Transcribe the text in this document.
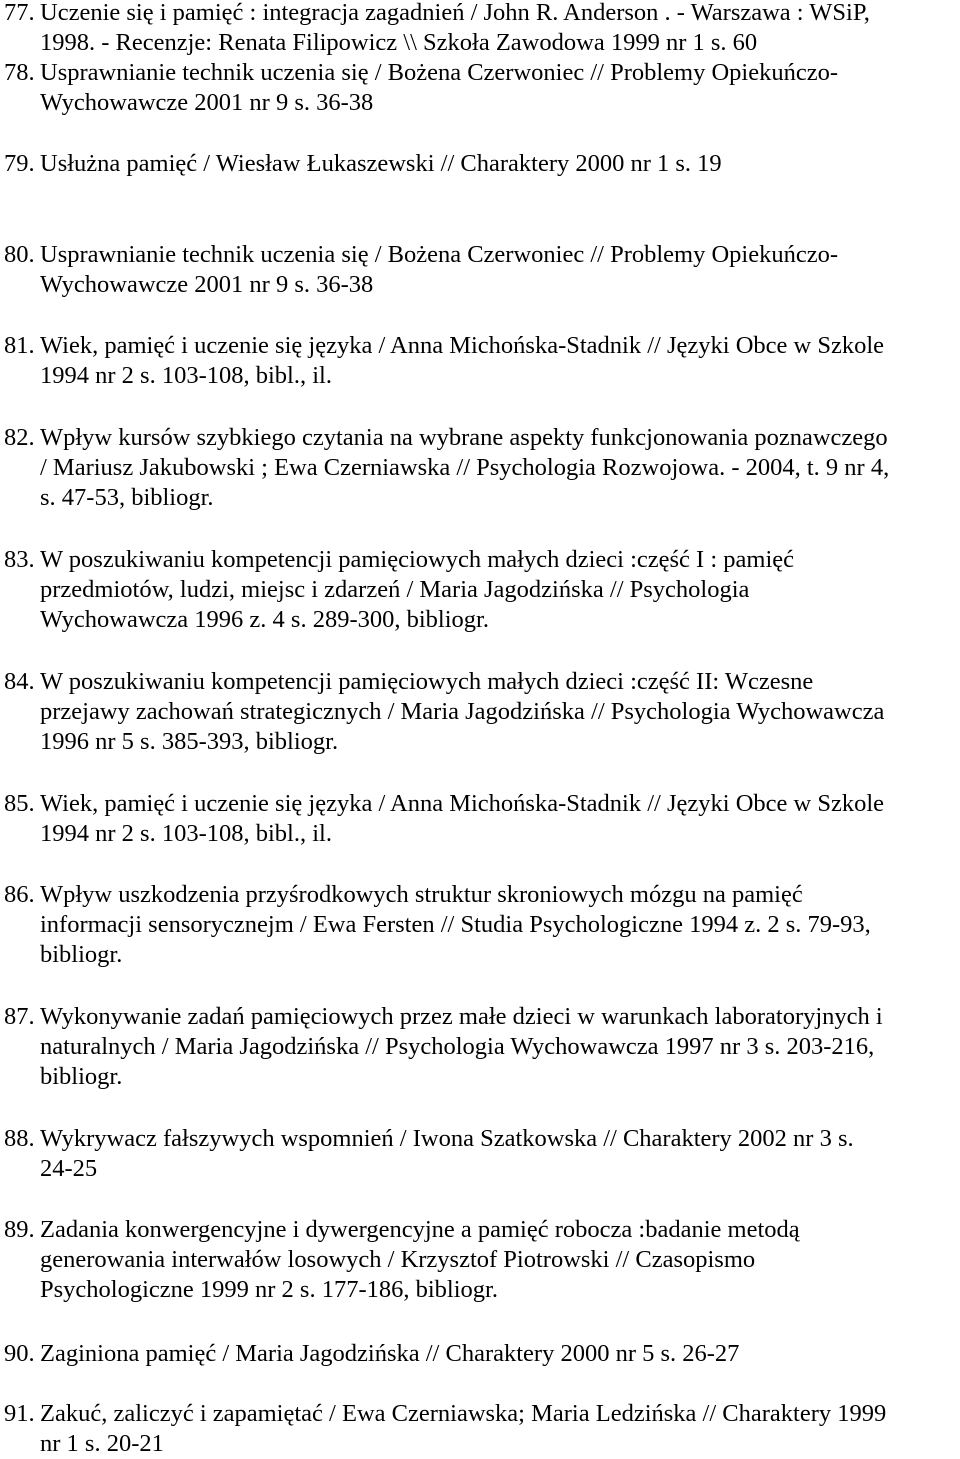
77. Uczenie się i pamięć : integracja zagadnień / John R. Anderson . - Warszawa : WSiP,
1998. - Recenzje: Renata Filipowicz \\ Szkoła Zawodowa 1999 nr 1 s. 60
78. Usprawnianie technik uczenia się / Bożena Czerwoniec // Problemy Opiekuńczo-
Wychowawcze 2001 nr 9 s. 36-38
79. Usłużna pamięć / Wiesław Łukaszewski // Charaktery 2000 nr 1 s. 19
80. Usprawnianie technik uczenia się / Bożena Czerwoniec // Problemy Opiekuńczo-
Wychowawcze 2001 nr 9 s. 36-38
81. Wiek, pamięć i uczenie się języka / Anna Michońska-Stadnik // Języki Obce w Szkole
1994 nr 2 s. 103-108, bibl., il.
82. Wpływ kursów szybkiego czytania na wybrane aspekty funkcjonowania poznawczego
/ Mariusz Jakubowski ; Ewa Czerniawska // Psychologia Rozwojowa. - 2004, t. 9 nr 4,
s. 47-53, bibliogr.
83. W poszukiwaniu kompetencji pamięciowych małych dzieci :część I : pamięć
przedmiotów, ludzi, miejsc i zdarzeń / Maria Jagodzińska // Psychologia
Wychowawcza 1996 z. 4 s. 289-300, bibliogr.
84. W poszukiwaniu kompetencji pamięciowych małych dzieci :część II: Wczesne
przejawy zachowań strategicznych / Maria Jagodzińska // Psychologia Wychowawcza
1996 nr 5 s. 385-393, bibliogr.
85. Wiek, pamięć i uczenie się języka / Anna Michońska-Stadnik // Języki Obce w Szkole
1994 nr 2 s. 103-108, bibl., il.
86. Wpływ uszkodzenia przyśrodkowych struktur skroniowych mózgu na pamięć
informacji sensorycznejm / Ewa Fersten // Studia Psychologiczne 1994 z. 2 s. 79-93,
bibliogr.
87. Wykonywanie zadań pamięciowych przez małe dzieci w warunkach laboratoryjnych i
naturalnych / Maria Jagodzińska // Psychologia Wychowawcza 1997 nr 3 s. 203-216,
bibliogr.
88. Wykrywacz fałszywych wspomnień / Iwona Szatkowska // Charaktery 2002 nr 3 s.
24-25
89. Zadania konwergencyjne i dywergencyjne a pamięć robocza :badanie metodą
generowania interwałów losowych / Krzysztof Piotrowski // Czasopismo
Psychologiczne 1999 nr 2 s. 177-186, bibliogr.
90. Zaginiona pamięć / Maria Jagodzińska // Charaktery 2000 nr 5 s. 26-27
91. Zakuć, zaliczyć i zapamiętać / Ewa Czerniawska; Maria Ledzińska // Charaktery 1999
nr 1 s. 20-21
